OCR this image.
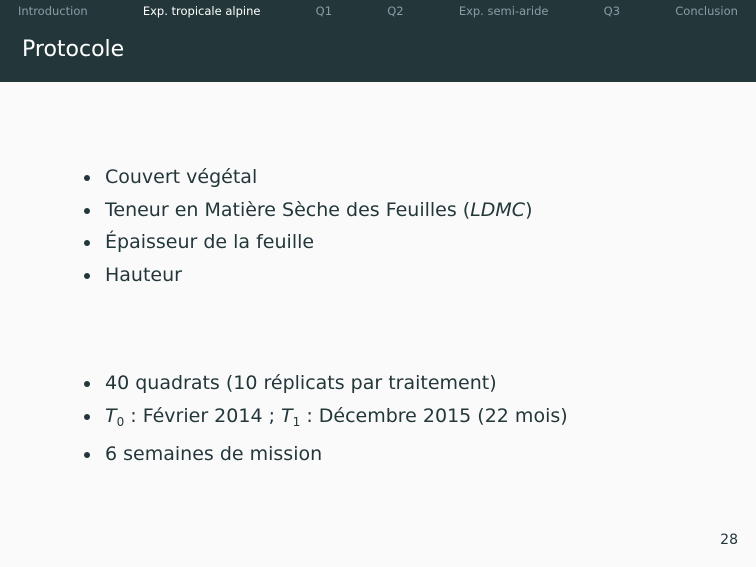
Introduction	Exp. tropicale alpine	Q1	Q2	Exp. semi-aride	Q3	Conclusion
Protocole
Couvert végétal
Teneur en Matière Sèche des Feuilles (LDMC)
Épaisseur de la feuille
Hauteur
40 quadrats (10 réplicats par traitement)
$T_0$ : Février 2014 ; $T_1$ : Décembre 2015 (22 mois)
6 semaines de mission
28
